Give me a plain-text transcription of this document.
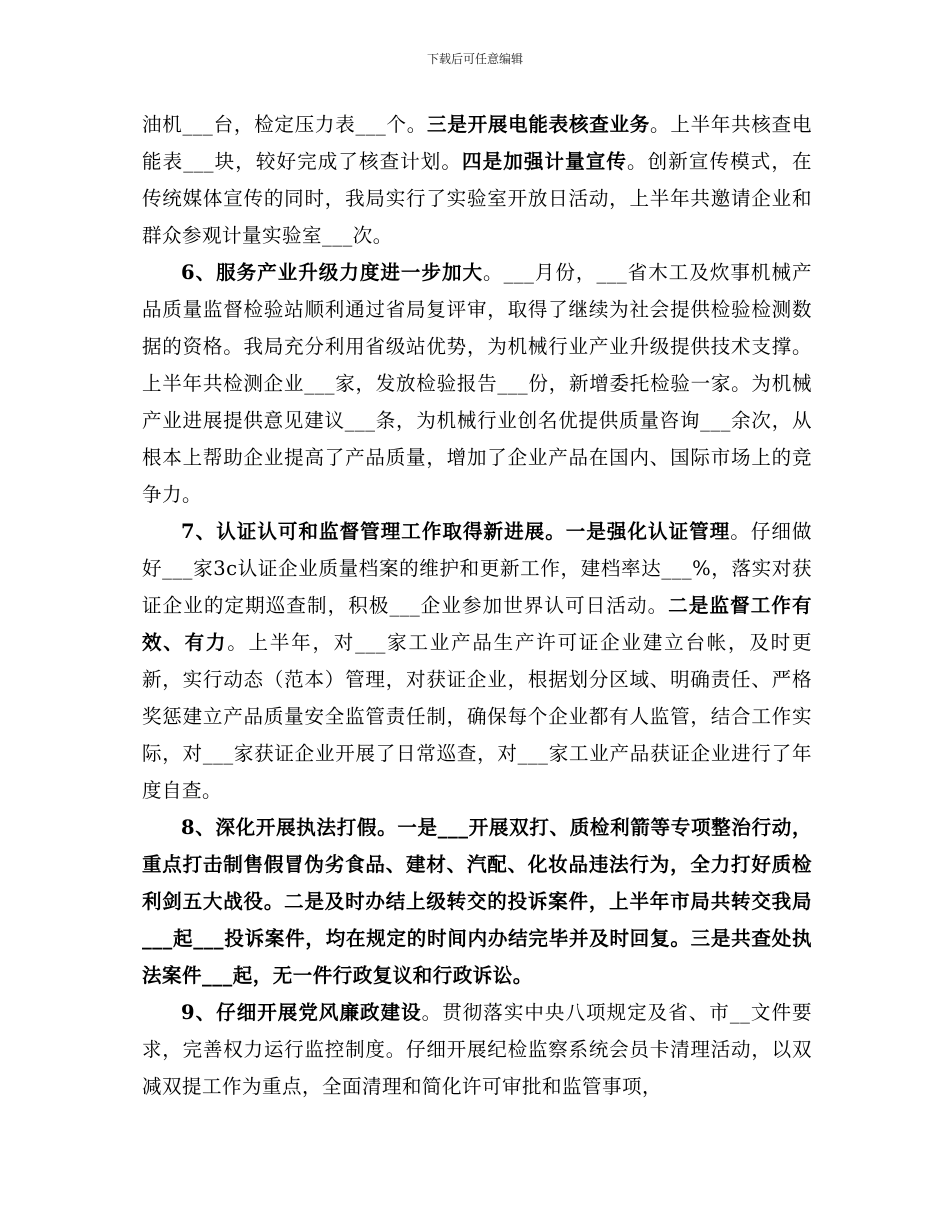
下载后可任意编辑

油机___台，检定压力表___个。三是开展电能表核查业务。上半年共核查电能表___块，较好完成了核查计划。四是加强计量宣传。创新宣传模式，在传统媒体宣传的同时，我局实行了实验室开放日活动，上半年共邀请企业和群众参观计量实验室___次。

6、服务产业升级力度进一步加大。___月份，___省木工及炊事机械产品质量监督检验站顺利通过省局复评审，取得了继续为社会提供检验检测数据的资格。我局充分利用省级站优势，为机械行业产业升级提供技术支撑。上半年共检测企业___家，发放检验报告___份，新增委托检验一家。为机械产业进展提供意见建议___条，为机械行业创名优提供质量咨询___余次，从根本上帮助企业提高了产品质量，增加了企业产品在国内、国际市场上的竞争力。

7、认证认可和监督管理工作取得新进展。一是强化认证管理。仔细做好___家3c认证企业质量档案的维护和更新工作，建档率达___%，落实对获证企业的定期巡查制，积极___企业参加世界认可日活动。二是监督工作有效、有力。上半年，对___家工业产品生产许可证企业建立台帐，及时更新，实行动态（范本）管理，对获证企业，根据划分区域、明确责任、严格奖惩建立产品质量安全监管责任制，确保每个企业都有人监管，结合工作实际，对___家获证企业开展了日常巡查，对___家工业产品获证企业进行了年度自查。

8、深化开展执法打假。一是___开展双打、质检利箭等专项整治行动，重点打击制售假冒伪劣食品、建材、汽配、化妆品违法行为，全力打好质检利剑五大战役。二是及时办结上级转交的投诉案件，上半年市局共转交我局___起___投诉案件，均在规定的时间内办结完毕并及时回复。三是共查处执法案件___起，无一件行政复议和行政诉讼。

9、仔细开展党风廉政建设。贯彻落实中央八项规定及省、市__文件要求，完善权力运行监控制度。仔细开展纪检监察系统会员卡清理活动，以双减双提工作为重点，全面清理和简化许可审批和监管事项，
